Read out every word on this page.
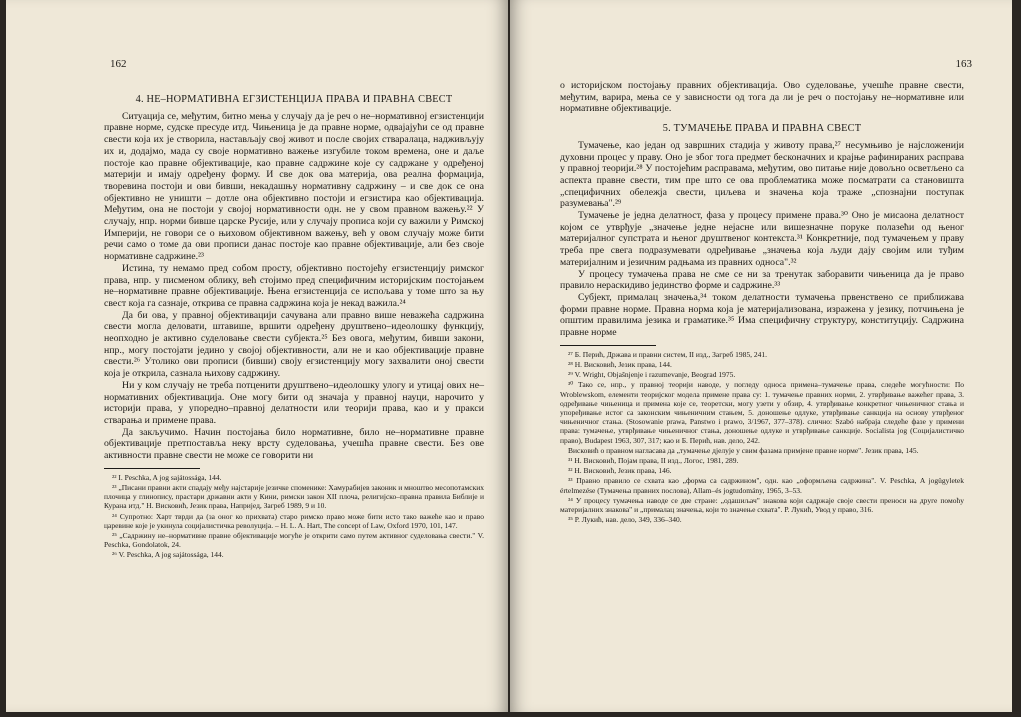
162
4. НЕ–НОРМАТИВНА ЕГЗИСТЕНЦИЈА ПРАВА И ПРАВНА СВЕСТ

Ситуација се, међутим, битно мења у случају да је реч о не–нормативној егзистенцији правне норме, судске пресуде итд. Чињеница је да правне норме, одвајајући се од правне свести која их је створила, настављају свој живот и после својих стваралаца, надживљују их и, додајмо, мада су своје нормативно важење изгубиле током времена, оне и даље постоје као правне објективације, као правне садржине које су садржане у одређеној материји и имају одређену форму. И све док ова материја, ова реална формација, творевина постоји и ови бивши, некадашњу нормативну садржину – и све док се она објективно не уништи – дотле она објективно постоји и егзистира као објективација. Међутим, она не постоји у својој нормативности одн. не у свом правном важењу.²² У случају, нпр. норми бивше царске Русије, или у случају прописа који су важили у Римској Империји, не говори се о њиховом објективном важењу, већ у овом случају може бити речи само о томе да ови прописи данас постоје као правне објективације, али без своје нормативне садржине.²³

Истина, ту немамо пред собом просту, објективно постојећу егзистенцију римског права, нпр. у писменом облику, већ стојимо пред специфичним историјским постојањем не–нормативне правне објективације. Њена егзистенција се испољава у томе што за њу свест која га сазнаје, открива се правна садржина која је некад важила.²⁴

Да би ова, у правној објективацији сачувана али правно више неважећа садржина свести могла деловати, штавише, вршити одређену друштвено–идеолошку функцију, неопходно је активно суделовање свести субјекта.²⁵ Без овога, међутим, бивши закони, нпр., могу постојати једино у својој објективности, али не и као објективације правне свести.²⁶ Утолико ови прописи (бивши) своју егзистенцију могу захвалити оној свести која је открила, сазнала њихову садржину.

Ни у ком случају не треба потценити друштвено–идеолошку улогу и утицај ових не–нормативних објективација. Оне могу бити од значаја у правној науци, нарочито у историји права, у упоредно–правној делатности или теорији права, као и у пракси стварања и примене права.

Да закључимо. Начин постојања било нормативне, било не–нормативне правне објективације претпоставља неку врсту суделовања, учешћа правне свести. Без ове активности правне свести не може се говорити ни

²² I. Peschka, A jog sajátossága, 144.
²³ „Писани правни акти спадају међу најстарије језичке споменике: Хамурабијев законик и мноштво месопотамских плочица у глинопису, прастари државни акти у Кини, римски закон XII плоча, религијско–правна правила Библије и Курана итд." Н. Висковић, Језик права, Напријед, Загреб 1989, 9 и 10.
²⁴ Супротно: Харт тврди да (за оног ко прихвата) старо римско право може бити исто тако важеће као и право царевине које је укинула социјалистичка револуција. – H. L. A. Hart, The concept of Law, Oxford 1970, 101, 147.
²⁵ „Садржину не–нормативне правне објективације могуће је открити само путем активног суделовања свести." V. Peschka, Gondolatok, 24.
²⁶ V. Peschka, A jog sajátossága, 144.
163

о историјском постојању правних објективација. Ово суделовање, учешће правне свести, међутим, варира, мења се у зависности од тога да ли је реч о постојању не–нормативне или нормативне објективације.

5. ТУМАЧЕЊЕ ПРАВА И ПРАВНА СВЕСТ

Тумачење, као један од завршних стадија у животу права,²⁷ несумњиво је најсложенији духовни процес у праву. Оно је због тога предмет бесконачних и крајње рафинираних расправа у правној теорији.²⁸ У постојећим расправама, међутим, ово питање није довољно осветљено са аспекта правне свести, тим пре што се ова проблематика може посматрати са становишта „специфичних обележја свести, циљева и значења која траже „спознајни поступак разумевања".²⁹

Тумачење је једна делатност, фаза у процесу примене права.³⁰ Оно је мисаона делатност којом се утврђује „значење једне нејасне или вишезначне поруке полазећи од њеног материјалног супстрата и њеног друштвеног контекста.³¹ Конкретније, под тумачењем у праву треба пре свега подразумевати одређивање „значења која људи дају својим или туђим материјалним и језичним радњама из правних односа".³²

У процесу тумачења права не сме се ни за тренутак заборавити чињеница да је право правило нераскидиво јединство форме и садржине.³³

Субјект, прималац значења,³⁴ током делатности тумачења првенствено се приближава форми правне норме. Правна норма која је материјализована, изражена у језику, потчињена је општим правилима језика и граматике.³⁵ Има специфичну структуру, конституцију. Садржина правне норме

²⁷ Б. Перић, Држава и правни систем, II изд., Загреб 1985, 241.
²⁸ Н. Висковић, Језик права, 144.
²⁹ V. Wright, Objašnjenje i razumevanje, Beograd 1975.
³⁰ Тако се, нпр., у правној теорији наводе, у погледу односа примена–тумачење права, следеће могућности: По Wroblewskom, елементи теоријског модела примене права су: 1. тумачење правних норми, 2. утврђивање важећег права, 3. одређивање чињеница и примена које се, теоретски, могу узети у обзир, 4. утврђивање конкретног чињеничног стања и упоређивање истог са законским чињеничним стањем, 5. доношење одлуке, утврђивање санкција на основу утврђеног чињеничног стања. (Stosowanie prawa, Panstwo i prawo, 3/1967, 377–378). слично: Szabó набраја следеће фазе у примени права: тумачење, утврђивање чињеничног стања, доношење одлуке и утврђивање санкције. Socialista jog (Социјалистичко право), Budapest 1963, 307, 317; као и Б. Перић, нав. дело, 242.
Висковић о правном нагласава да „тумачење дјелује у свим фазама примјене правне норме". Језик права, 145.
³¹ Н. Висковић, Појам права, II изд., Логос, 1981, 289.
³² Н. Висковић, Језик права, 146.
³³ Правно правило се схвата као „форма са садржином", одн. као „оформљена садржина". V. Peschka, A jogügyletek értelmezése (Тумачења правних послова), Allam–és jogtudomány, 1965, 3–53.
³⁴ У процесу тумачења наводе се две стране: „одашиљач" знакова који садржаје своје свести преноси на друге помоћу материјалних знакова" и „прималац значења, који то значење схвата". Р. Лукић, Увод у право, 316.
³⁵ Р. Лукић, нав. дело, 349, 336–340.
